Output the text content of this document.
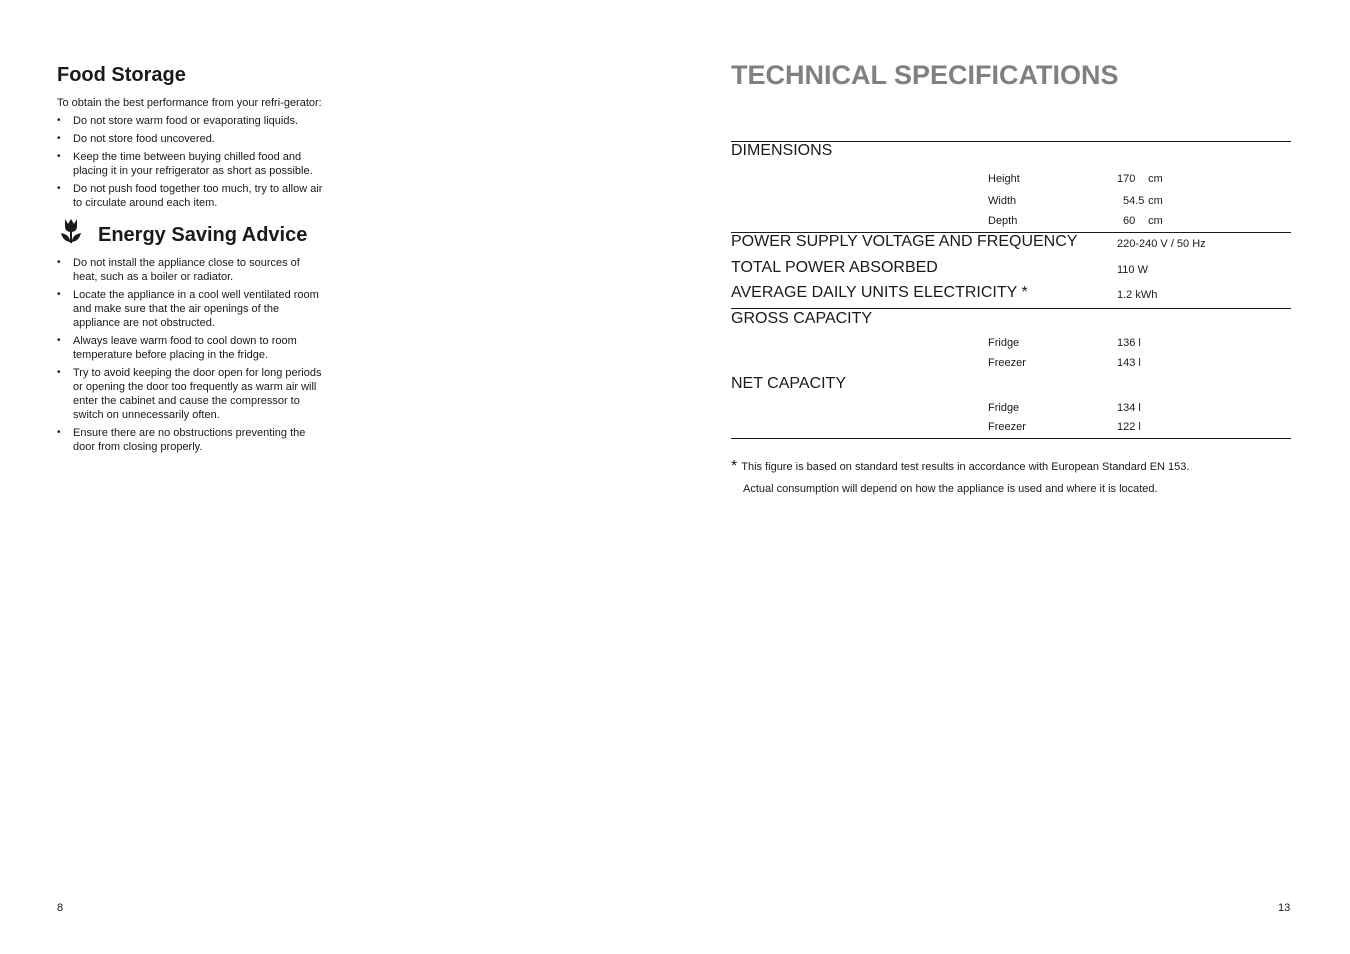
Food Storage

To obtain the best performance from your refri-gerator:

• Do not store warm food or evaporating liquids.
• Do not store food uncovered.
• Keep the time between buying chilled food and placing it in your refrigerator as short as possible.
• Do not push food together too much, try to allow air to circulate around each item.
Energy Saving Advice
• Do not install the appliance close to sources of heat, such as a boiler or radiator.
• Locate the appliance in a cool well ventilated room and make sure that the air openings of the appliance are not obstructed.
• Always leave warm food to cool down to room temperature before placing in the fridge.
• Try to avoid keeping the door open for long periods or opening the door too frequently as warm air will enter the cabinet and cause the compressor to switch on unnecessarily often.
• Ensure there are no obstructions preventing the door from closing properly.
8
TECHNICAL SPECIFICATIONS
DIMENSIONS
Height	170 cm
Width	54.5 cm
Depth	60 cm
POWER SUPPLY VOLTAGE AND FREQUENCY	220-240 V / 50 Hz
TOTAL POWER ABSORBED	110 W
AVERAGE DAILY UNITS ELECTRICITY *	1.2 kWh
GROSS CAPACITY
Fridge	136 l
Freezer	143 l
NET CAPACITY
Fridge	134 l
Freezer	122 l
* This figure is based on standard test results in accordance with European Standard EN 153.
Actual consumption will depend on how the appliance is used and where it is located.
13
